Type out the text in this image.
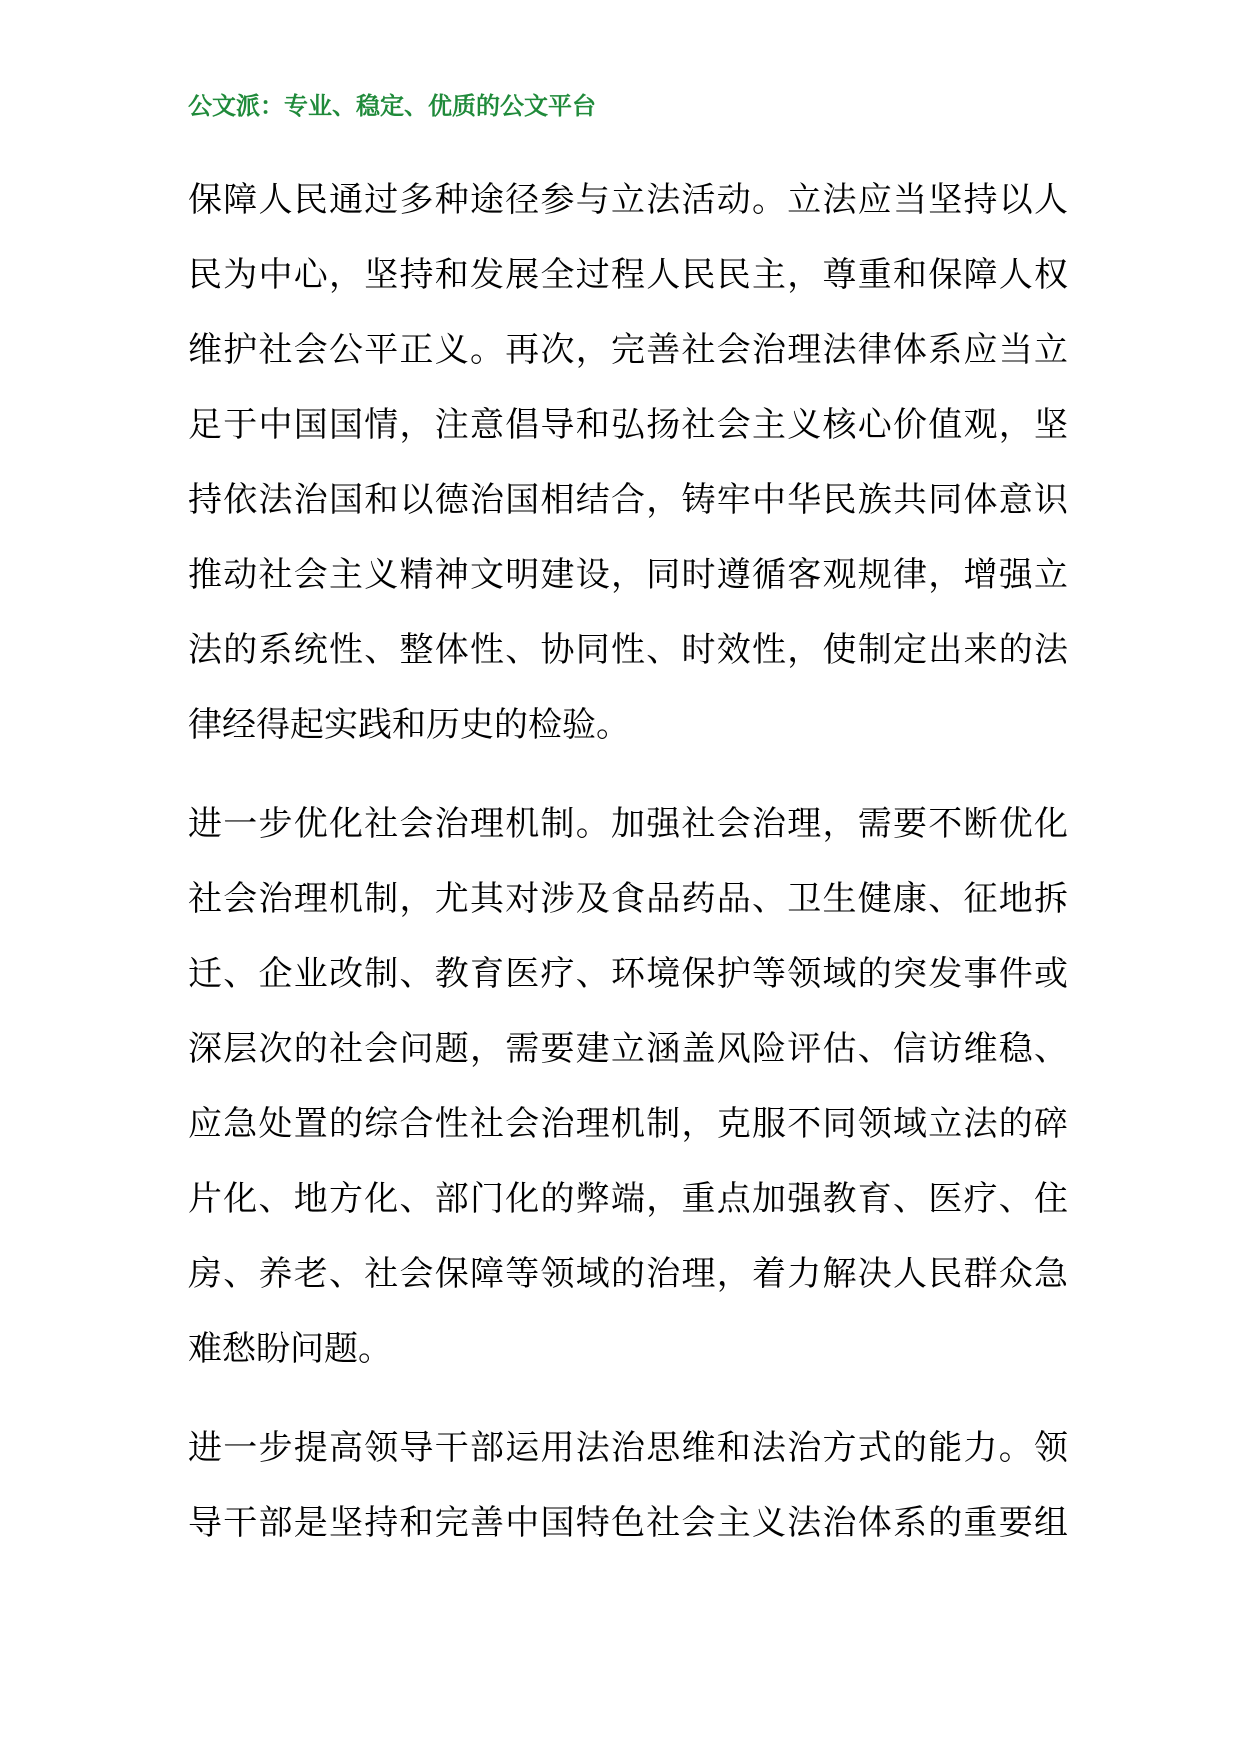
公文派：专业、稳定、优质的公文平台
保障人民通过多种途径参与立法活动。立法应当坚持以人
民为中心，坚持和发展全过程人民民主，尊重和保障人权
维护社会公平正义。再次，完善社会治理法律体系应当立
足于中国国情，注意倡导和弘扬社会主义核心价值观，坚
持依法治国和以德治国相结合，铸牢中华民族共同体意识
推动社会主义精神文明建设，同时遵循客观规律，增强立
法的系统性、整体性、协同性、时效性，使制定出来的法
律经得起实践和历史的检验。
进一步优化社会治理机制。加强社会治理，需要不断优化
社会治理机制，尤其对涉及食品药品、卫生健康、征地拆
迁、企业改制、教育医疗、环境保护等领域的突发事件或
深层次的社会问题，需要建立涵盖风险评估、信访维稳、
应急处置的综合性社会治理机制，克服不同领域立法的碎
片化、地方化、部门化的弊端，重点加强教育、医疗、住
房、养老、社会保障等领域的治理，着力解决人民群众急
难愁盼问题。
进一步提高领导干部运用法治思维和法治方式的能力。领
导干部是坚持和完善中国特色社会主义法治体系的重要组
